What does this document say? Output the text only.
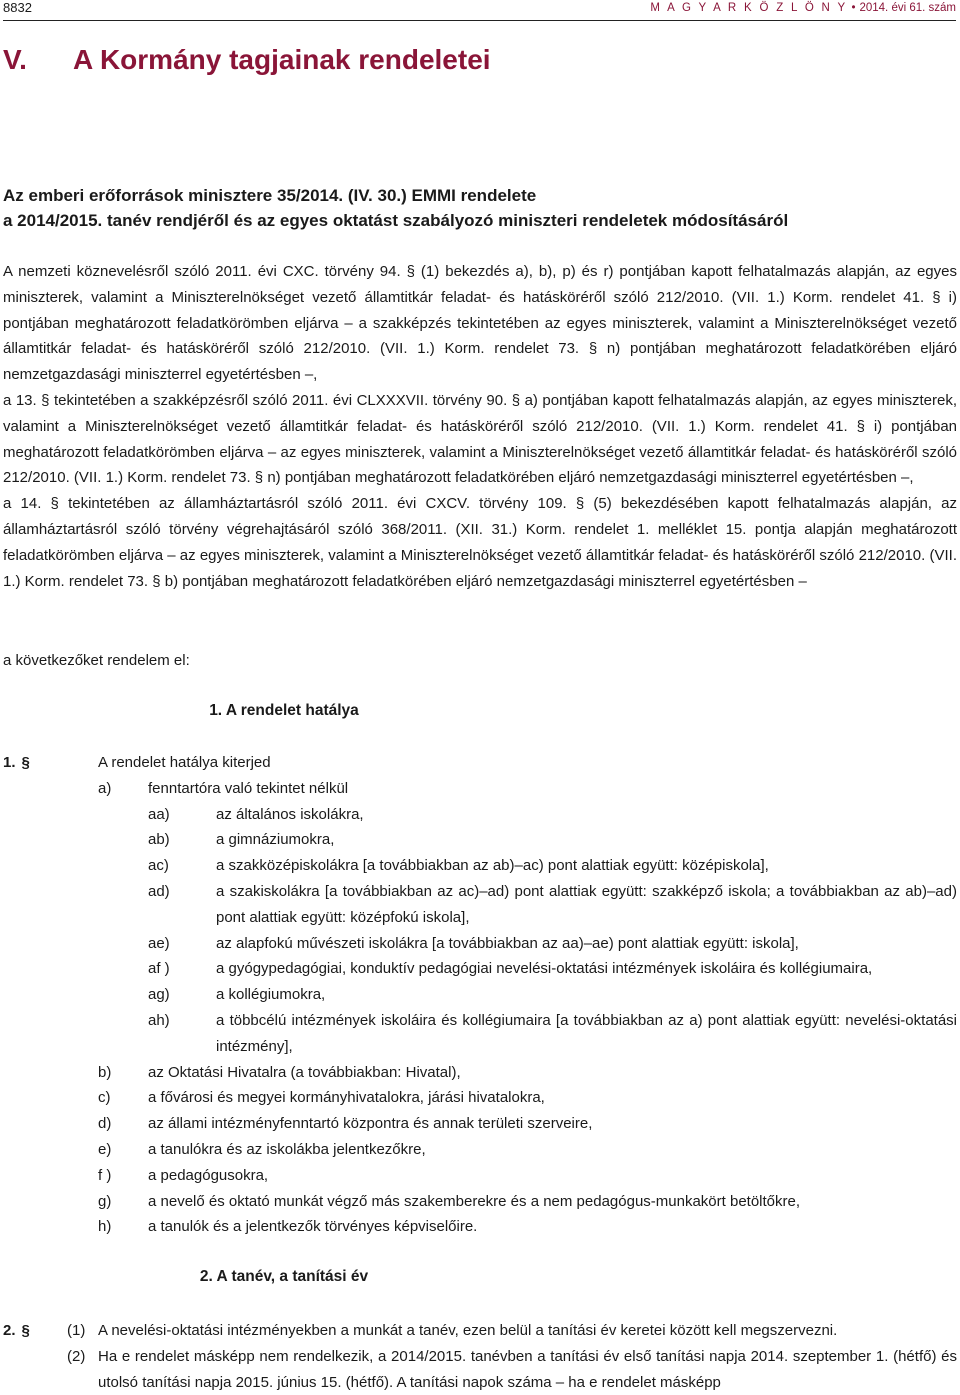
8832	M A G Y A R K Ö Z L Ö N Y • 2014. évi 61. szám
V. A Kormány tagjainak rendeletei
Az emberi erőforrások minisztere 35/2014. (IV. 30.) EMMI rendelete
a 2014/2015. tanév rendjéről és az egyes oktatást szabályozó miniszteri rendeletek módosításáról

A nemzeti köznevelésről szóló 2011. évi CXC. törvény 94. § (1) bekezdés a), b), p) és r) pontjában kapott felhatalmazás alapján, az egyes miniszterek, valamint a Miniszterelnökséget vezető államtitkár feladat- és hatásköréről szóló 212/2010. (VII. 1.) Korm. rendelet 41. § i) pontjában meghatározott feladatkörömben eljárva – a szakképzés tekintetében az egyes miniszterek, valamint a Miniszterelnökséget vezető államtitkár feladat- és hatásköréről szóló 212/2010. (VII. 1.) Korm. rendelet 73. § n) pontjában meghatározott feladatkörében eljáró nemzetgazdasági miniszterrel egyetértésben –,

a 13. § tekintetében a szakképzésről szóló 2011. évi CLXXXVII. törvény 90. § a) pontjában kapott felhatalmazás alapján, az egyes miniszterek, valamint a Miniszterelnökséget vezető államtitkár feladat- és hatásköréről szóló 212/2010. (VII. 1.) Korm. rendelet 41. § i) pontjában meghatározott feladatkörömben eljárva – az egyes miniszterek, valamint a Miniszterelnökséget vezető államtitkár feladat- és hatásköréről szóló 212/2010. (VII. 1.) Korm. rendelet 73. § n) pontjában meghatározott feladatkörében eljáró nemzetgazdasági miniszterrel egyetértésben –,

a 14. § tekintetében az államháztartásról szóló 2011. évi CXCV. törvény 109. § (5) bekezdésében kapott felhatalmazás alapján, az államháztartásról szóló törvény végrehajtásáról szóló 368/2011. (XII. 31.) Korm. rendelet 1. melléklet 15. pontja alapján meghatározott feladatkörömben eljárva – az egyes miniszterek, valamint a Miniszterelnökséget vezető államtitkár feladat- és hatásköréről szóló 212/2010. (VII. 1.) Korm. rendelet 73. § b) pontjában meghatározott feladatkörében eljáró nemzetgazdasági miniszterrel egyetértésben –

a következőket rendelem el:

1. A rendelet hatálya
1. §	A rendelet hatálya kiterjed
a) fenntartóra való tekintet nélkül
aa)	az általános iskolákra,
ab)	a gimnáziumokra,
ac)	a szakközépiskolákra [a továbbiakban az ab)–ac) pont alattiak együtt: középiskola],
ad)	a szakiskolákra [a továbbiakban az ac)–ad) pont alattiak együtt: szakképző iskola; a továbbiakban az ab)–ad) pont alattiak együtt: középfokú iskola],
ae)	az alapfokú művészeti iskolákra [a továbbiakban az aa)–ae) pont alattiak együtt: iskola],
af )	a gyógypedagógiai, konduktív pedagógiai nevelési-oktatási intézmények iskoláira és kollégiumaira,
ag)	a kollégiumokra,
ah)	a többcélú intézmények iskoláira és kollégiumaira [a továbbiakban az a) pont alattiak együtt: nevelési-oktatási intézmény],
b) az Oktatási Hivatalra (a továbbiakban: Hivatal),
c)	a fővárosi és megyei kormányhivatalokra, járási hivatalokra,
d) az állami intézményfenntartó központra és annak területi szerveire,
e) a tanulókra és az iskolákba jelentkezőkre,
f ) a pedagógusokra,
g) a nevelő és oktató munkát végző más szakemberekre és a nem pedagógus-munkakört betöltőkre,
h) a tanulók és a jelentkezők törvényes képviselőire.
2. A tanév, a tanítási év
2. § (1) A nevelési-oktatási intézményekben a munkát a tanév, ezen belül a tanítási év keretei között kell megszervezni.
(2) Ha e rendelet másképp nem rendelkezik, a 2014/2015. tanévben a tanítási év első tanítási napja 2014. szeptember 1. (hétfő) és utolsó tanítási napja 2015. június 15. (hétfő). A tanítási napok száma – ha e rendelet másképp
